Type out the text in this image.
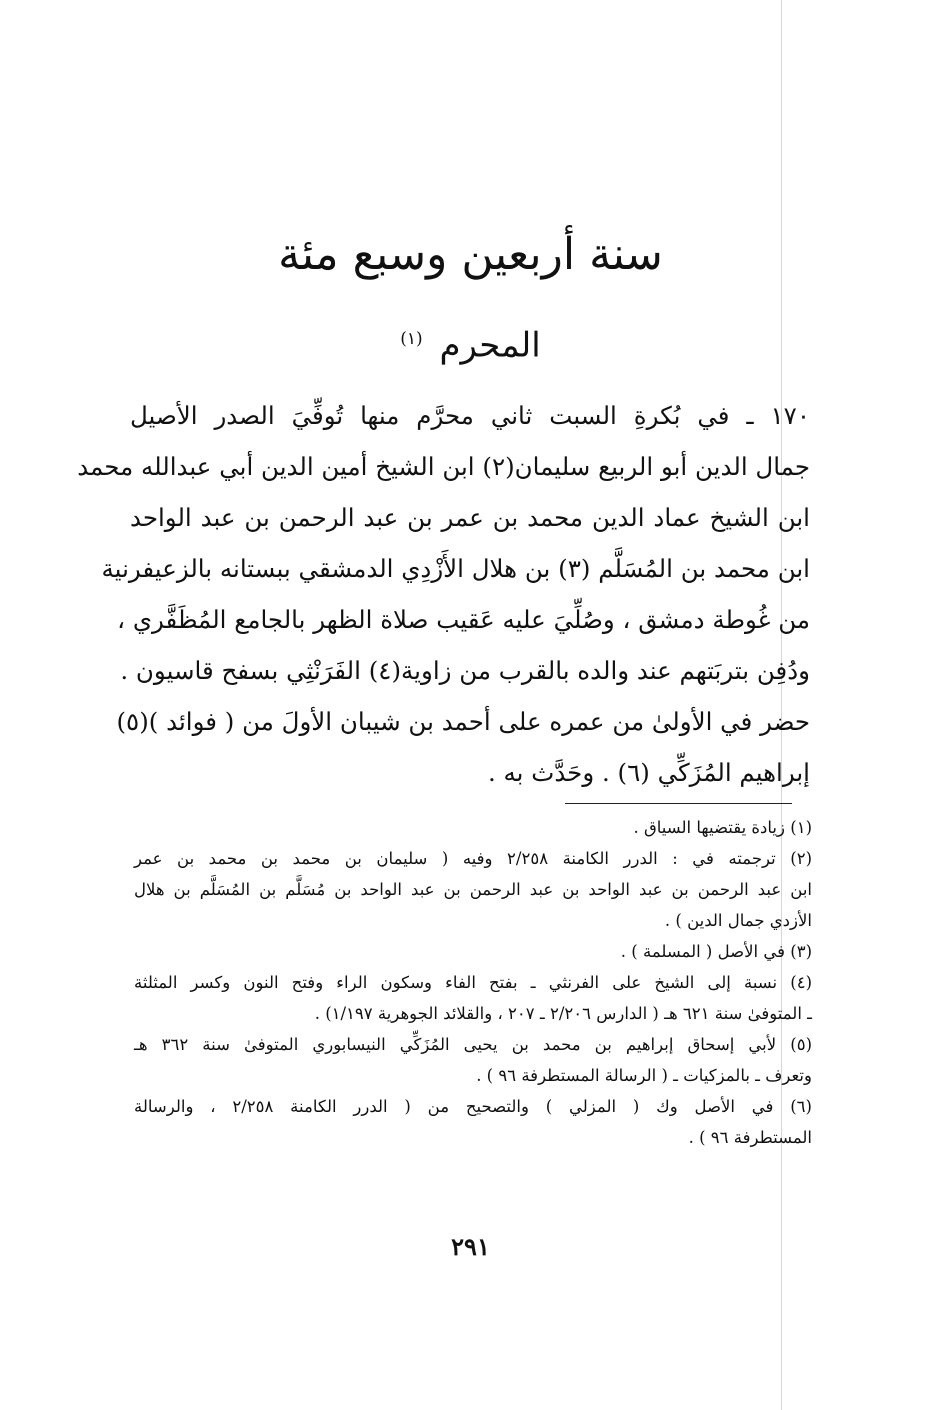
سنة أربعين وسبع مئة
المحرم $^{(١)}$
١٧٠ ـ في بُكرةِ السبت ثاني محرَّم منها تُوفِّيَ الصدر الأصيل
جمال الدين أبو الربيع سليمان(٢) ابن الشيخ أمين الدين أبي عبدالله محمد
ابن الشيخ عماد الدين محمد بن عمر بن عبد الرحمن بن عبد الواحد
ابن محمد بن المُسَلَّم (٣) بن هلال الأَزْدِي الدمشقي ببستانه بالزعيفرنية
من غُوطة دمشق ، وصُلِّيَ عليه عَقيب صلاة الظهر بالجامع المُظَفَّري ،
ودُفِن بتربَتهم عند والده بالقرب من زاوية(٤) الفَرَنْثِي بسفح قاسيون .
حضر في الأولىٰ من عمره على أحمد بن شيبان الأولَ من ( فوائد )(٥)
إبراهيم المُزَكِّي (٦) . وحَدَّث به .
(١) زيادة يقتضيها السياق .
(٢) ترجمته في : الدرر الكامنة ٢/٢٥٨ وفيه ( سليمان بن محمد بن محمد بن عمر
ابن عبد الرحمن بن عبد الواحد بن عبد الرحمن بن عبد الواحد بن مُسَلَّم بن المُسَلَّم بن هلال
الأزدي جمال الدين ) .
(٣) في الأصل ( المسلمة ) .
(٤) نسبة إلى الشيخ على الفرنثي ـ بفتح الفاء وسكون الراء وفتح النون وكسر المثلثة
ـ المتوفىٰ سنة ٦٢١ هـ ( الدارس ٢/٢٠٦ ـ ٢٠٧ ، والقلائد الجوهرية ١/١٩٧) .
(٥) لأبي إسحاق إبراهيم بن محمد بن يحيى المُزَكِّي النيسابوري المتوفىٰ سنة ٣٦٢ هـ
وتعرف ـ بالمزكيات ـ ( الرسالة المستطرفة ٩٦ ) .
(٦) في الأصل وك ( المزلي ) والتصحيح من ( الدرر الكامنة ٢/٢٥٨ ، والرسالة
المستطرفة ٩٦ ) .
٢٩١
